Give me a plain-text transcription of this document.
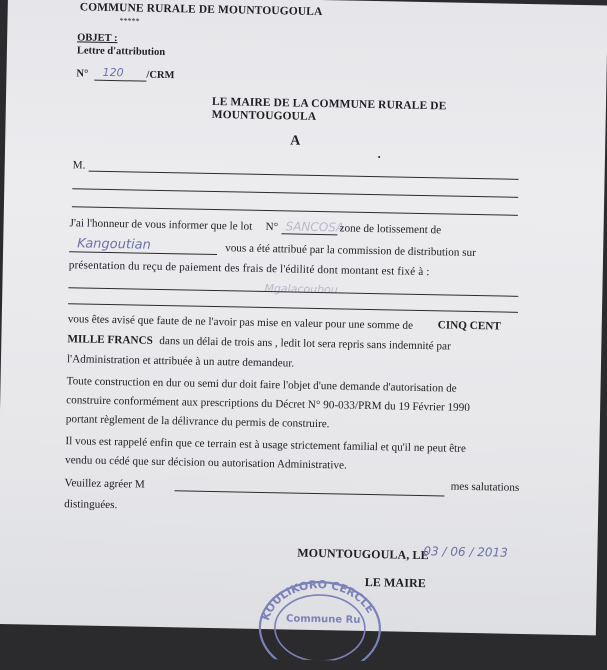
COMMUNE RURALE DE MOUNTOUGOULA
*****
OBJET :
Lettre d'attribution
N° 120 /CRM
LE MAIRE DE LA COMMUNE RURALE DE
MOUNTOUGOULA
A
▪
M.
J'ai l'honneur de vous informer que le lot N° SANCOSA
zone de lotissement de
Kangoutian	vous a été attribué par la commission de distribution sur
présentation du reçu de paiement des frais de l'édilité dont montant est fixé à :
Mgalacoubou
vous êtes avisé que faute de ne l'avoir pas mise en valeur pour une somme de CINQ CENT
MILLE FRANCS dans un délai de trois ans , ledit lot sera repris sans indemnité par
l'Administration et attribuée à un autre demandeur.
Toute construction en dur ou semi dur doit faire l'objet d'une demande d'autorisation de
construire conformément aux prescriptions du Décret N° 90-033/PRM du 19 Février 1990
portant règlement de la délivrance du permis de construire.
Il vous est rappelé enfin que ce terrain est à usage strictement familial et qu'il ne peut être
vendu ou cédé que sur décision ou autorisation Administrative.
Veuillez agréer M	mes salutations
distinguées.
MOUNTOUGOULA, LE
03 / 06 / 2013
LE MAIRE
KOULIKORO CERCLE
Commune Ru
